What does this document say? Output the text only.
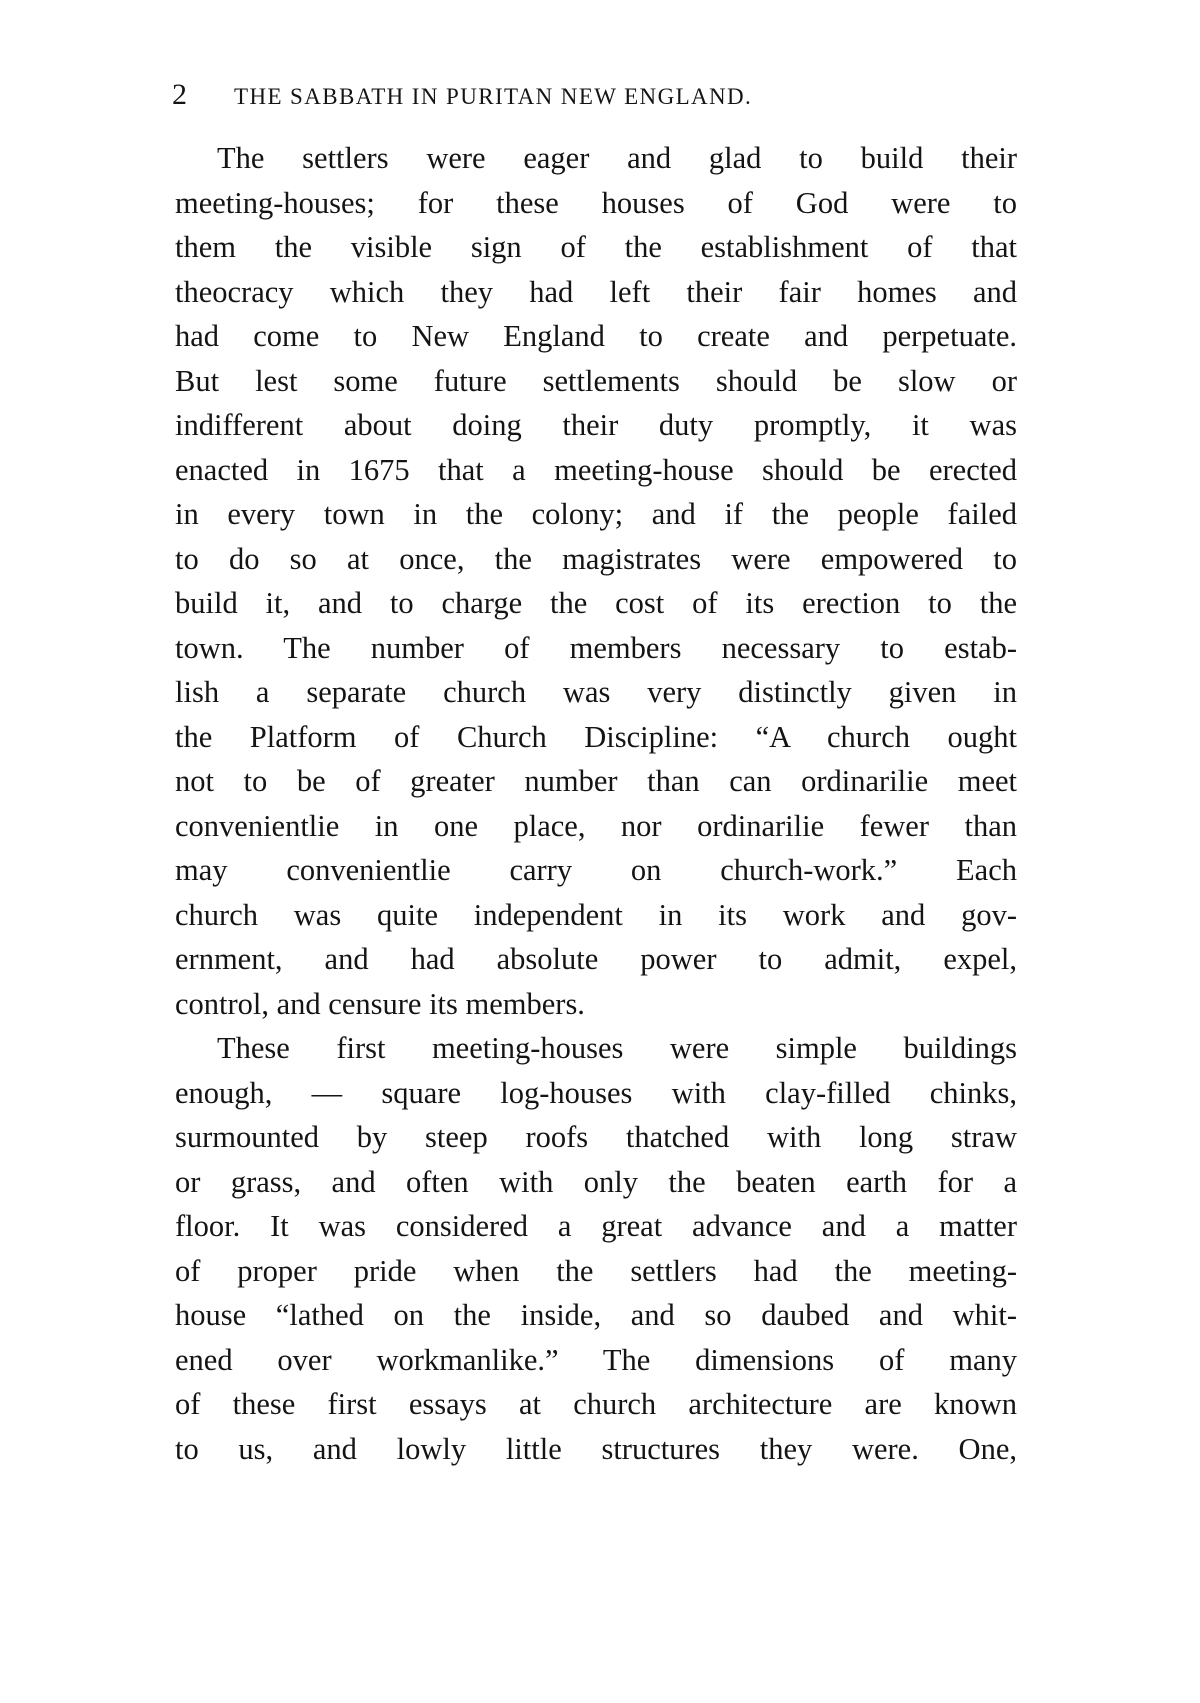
2	THE SABBATH IN PURITAN NEW ENGLAND.
The settlers were eager and glad to build their
meeting-houses; for these houses of God were to
them the visible sign of the establishment of that
theocracy which they had left their fair homes and
had come to New England to create and perpetuate.
But lest some future settlements should be slow or
indifferent about doing their duty promptly, it was
enacted in 1675 that a meeting-house should be erected
in every town in the colony; and if the people failed
to do so at once, the magistrates were empowered to
build it, and to charge the cost of its erection to the
town. The number of members necessary to estab-
lish a separate church was very distinctly given in
the Platform of Church Discipline: “A church ought
not to be of greater number than can ordinarilie meet
convenientlie in one place, nor ordinarilie fewer than
may convenientlie carry on church-work.” Each
church was quite independent in its work and gov-
ernment, and had absolute power to admit, expel,
control, and censure its members.
These first meeting-houses were simple buildings
enough, — square log-houses with clay-filled chinks,
surmounted by steep roofs thatched with long straw
or grass, and often with only the beaten earth for a
floor. It was considered a great advance and a matter
of proper pride when the settlers had the meeting-
house “lathed on the inside, and so daubed and whit-
ened over workmanlike.” The dimensions of many
of these first essays at church architecture are known
to us, and lowly little structures they were. One,
